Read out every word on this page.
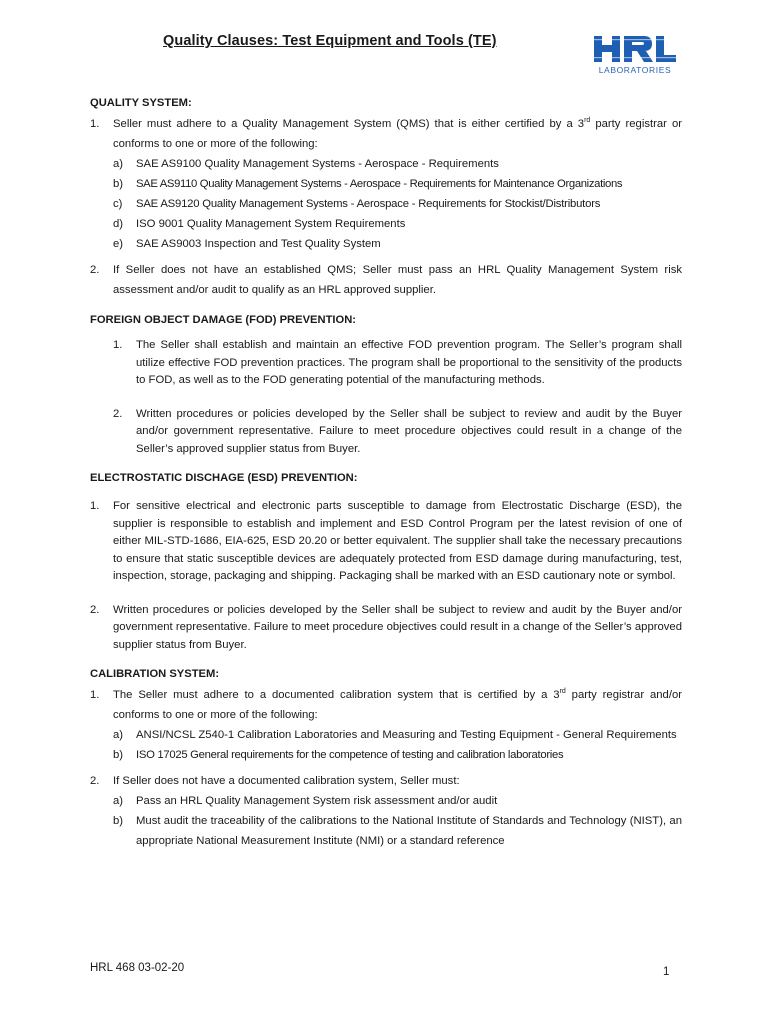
Quality Clauses: Test Equipment and Tools (TE)
LABORATORIES
QUALITY SYSTEM:
1. Seller must adhere to a Quality Management System (QMS) that is either certified by a 3rd party registrar or conforms to one or more of the following:
a) SAE AS9100 Quality Management Systems - Aerospace - Requirements
b) SAE AS9110 Quality Management Systems - Aerospace - Requirements for Maintenance Organizations
c) SAE AS9120 Quality Management Systems - Aerospace - Requirements for Stockist/Distributors
d) ISO 9001 Quality Management System Requirements
e) SAE AS9003 Inspection and Test Quality System
2. If Seller does not have an established QMS; Seller must pass an HRL Quality Management System risk assessment and/or audit to qualify as an HRL approved supplier.
FOREIGN OBJECT DAMAGE (FOD) PREVENTION:
1. The Seller shall establish and maintain an effective FOD prevention program. The Seller’s program shall utilize effective FOD prevention practices. The program shall be proportional to the sensitivity of the products to FOD, as well as to the FOD generating potential of the manufacturing methods.
2. Written procedures or policies developed by the Seller shall be subject to review and audit by the Buyer and/or government representative. Failure to meet procedure objectives could result in a change of the Seller’s approved supplier status from Buyer.
ELECTROSTATIC DISCHAGE (ESD) PREVENTION:
1. For sensitive electrical and electronic parts susceptible to damage from Electrostatic Discharge (ESD), the supplier is responsible to establish and implement and ESD Control Program per the latest revision of one of either MIL-STD-1686, EIA-625, ESD 20.20 or better equivalent. The supplier shall take the necessary precautions to ensure that static susceptible devices are adequately protected from ESD damage during manufacturing, test, inspection, storage, packaging and shipping. Packaging shall be marked with an ESD cautionary note or symbol.
2. Written procedures or policies developed by the Seller shall be subject to review and audit by the Buyer and/or government representative. Failure to meet procedure objectives could result in a change of the Seller’s approved supplier status from Buyer.
CALIBRATION SYSTEM:
1. The Seller must adhere to a documented calibration system that is certified by a 3rd party registrar and/or conforms to one or more of the following:
a) ANSI/NCSL Z540-1 Calibration Laboratories and Measuring and Testing Equipment - General Requirements
b) ISO 17025 General requirements for the competence of testing and calibration laboratories
2. If Seller does not have a documented calibration system, Seller must:
a) Pass an HRL Quality Management System risk assessment and/or audit
b) Must audit the traceability of the calibrations to the National Institute of Standards and Technology (NIST), an appropriate National Measurement Institute (NMI) or a standard reference
HRL 468 03-02-20	1
